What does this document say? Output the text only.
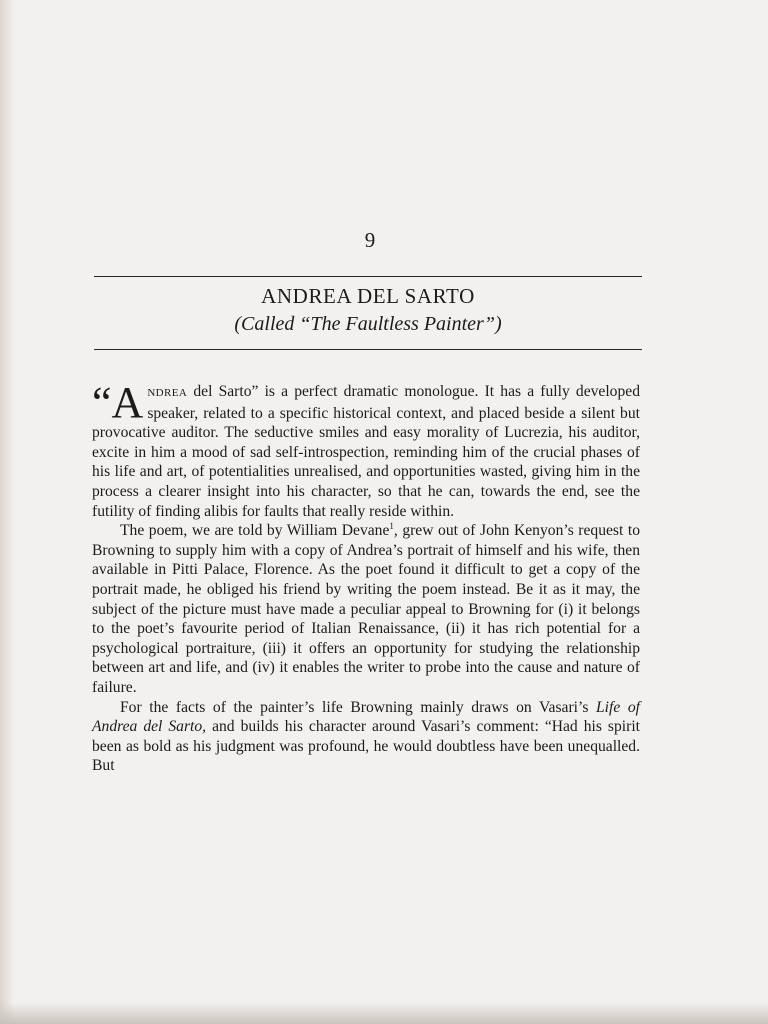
9
ANDREA DEL SARTO
(Called “The Faultless Painter”)

“A NDREA del Sarto” is a perfect dramatic monologue. It has a fully developed speaker, related to a specific historical context, and placed beside a silent but provocative auditor. The seductive smiles and easy morality of Lucrezia, his auditor, excite in him a mood of sad self-introspection, reminding him of the crucial phases of his life and art, of potentialities unrealised, and opportunities wasted, giving him in the process a clearer insight into his character, so that he can, towards the end, see the futility of finding alibis for faults that really reside within.

The poem, we are told by William Devane$^1$, grew out of John Kenyon’s request to Browning to supply him with a copy of Andrea’s portrait of himself and his wife, then available in Pitti Palace, Florence. As the poet found it difficult to get a copy of the portrait made, he obliged his friend by writing the poem instead. Be it as it may, the subject of the picture must have made a peculiar appeal to Browning for (i) it belongs to the poet’s favourite period of Italian Renaissance, (ii) it has rich potential for a psychological portraiture, (iii) it offers an opportunity for studying the relationship between art and life, and (iv) it enables the writer to probe into the cause and nature of failure.

For the facts of the painter’s life Browning mainly draws on Vasari’s Life of Andrea del Sarto, and builds his character around Vasari’s comment: “Had his spirit been as bold as his judgment was profound, he would doubtless have been unequalled. But
